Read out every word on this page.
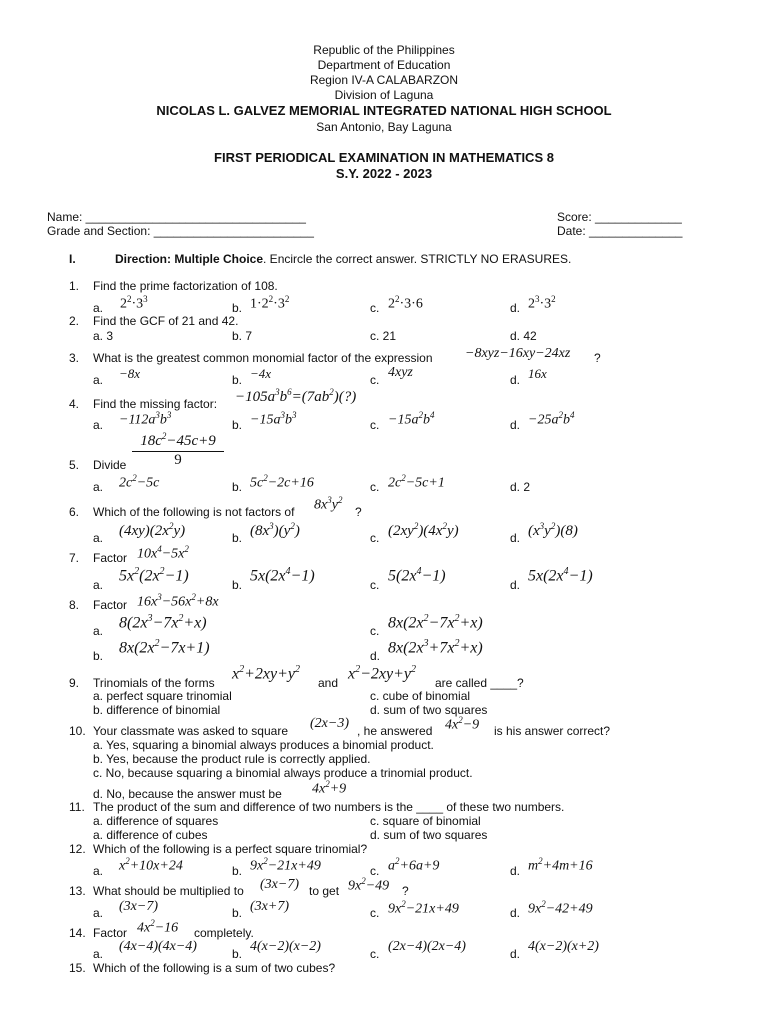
Republic of the Philippines
Department of Education
Region IV-A CALABARZON
Division of Laguna
NICOLAS L. GALVEZ MEMORIAL INTEGRATED NATIONAL HIGH SCHOOL
San Antonio, Bay Laguna
FIRST PERIODICAL EXAMINATION IN MATHEMATICS 8
S.Y. 2022 - 2023
Name: _________________________________
Grade and Section: ________________________
Score: _____________
Date: ______________
I.	Direction: Multiple Choice. Encircle the correct answer. STRICTLY NO ERASURES.
1. Find the prime factorization of 108.
a. $2^2\cdot 3^3$
b. $1\cdot 2^2\cdot 3^2$
c. $2^2\cdot 3\cdot 6$	d. $2^3\cdot 3^2$
2. Find the GCF of 21 and 42.
a. 3	b. 7	c. 21	d. 42
3. What is the greatest common monomial factor of the expression −8xyz−16xy−24xz ?
a. −8x	b. −4x	c. 4xyz	d. 16x
4. Find the missing factor: $-105a^3b^6=(7ab^2)(?)$
a. $-112a^3b^3$
b. $-15a^3b^3$
c. $-15a^2b^4$
d. $-25a^2b^4$
5. Divide $\frac{18c^2-45c+9}{9}$
a. $2c^2-5c$	b. $5c^2-2c+16$	c. $2c^2-5c+1$	d. 2
6. Which of the following is not factors of $8x^3y^2$
?
a. $(4xy)(2x^2y)$	b. $(8x^3)(y^2)$	c. $(2xy^2)(4x^2y)$	d. $(x^3y^2)(8)$
7. Factor $10x^4-5x^2$
a.
$5x^2(2x^2-1)$
b.
$5x(2x^4-1)$
c.
$5(2x^4-1)$
d.
$5x(2x^4-1)$
8. Factor $16x^3-56x^2+8x$
a. $8(2x^3-7x^2+x)$	c. $8x(2x^2-7x^2+x)$
b. $8x(2x^2-7x+1)$	d. $8x(2x^3+7x^2+x)$
9. Trinomials of the forms
$x^2+2xy+y^2$
and
$x^2-2xy+y^2$
are called ____?
a. perfect square trinomial	c. cube of binomial
b. difference of binomial	d. sum of two squares
10. Your classmate was asked to square (2x−3) , he answered $4x^2-9$ is his answer correct?
a. Yes, squaring a binomial always produces a binomial product.
b. Yes, because the product rule is correctly applied.
c. No, because squaring a binomial always produce a trinomial product.
d. No, because the answer must be $4x^2+9$
11. The product of the sum and difference of two numbers is the ____ of these two numbers.
a. difference of squares	c. square of binomial
a. difference of cubes	d. sum of two squares
12. Which of the following is a perfect square trinomial?
a. $x^2+10x+24$	b. $9x^2-21x+49$	c. $a^2+6a+9$	d. $m^2+4m+16$
13. What should be multiplied to (3x−7) to get $9x^2-49$ ?
a. (3x−7)	b. (3x+7)	c. $9x^2-21x+49$	d. $9x^2-42+49$
14. Factor $4x^2-16$ completely.
a. (4x−4)(4x−4)	b. 4(x−2)(x−2)	c. (2x−4)(2x−4)	d. 4(x−2)(x+2)
15. Which of the following is a sum of two cubes?
